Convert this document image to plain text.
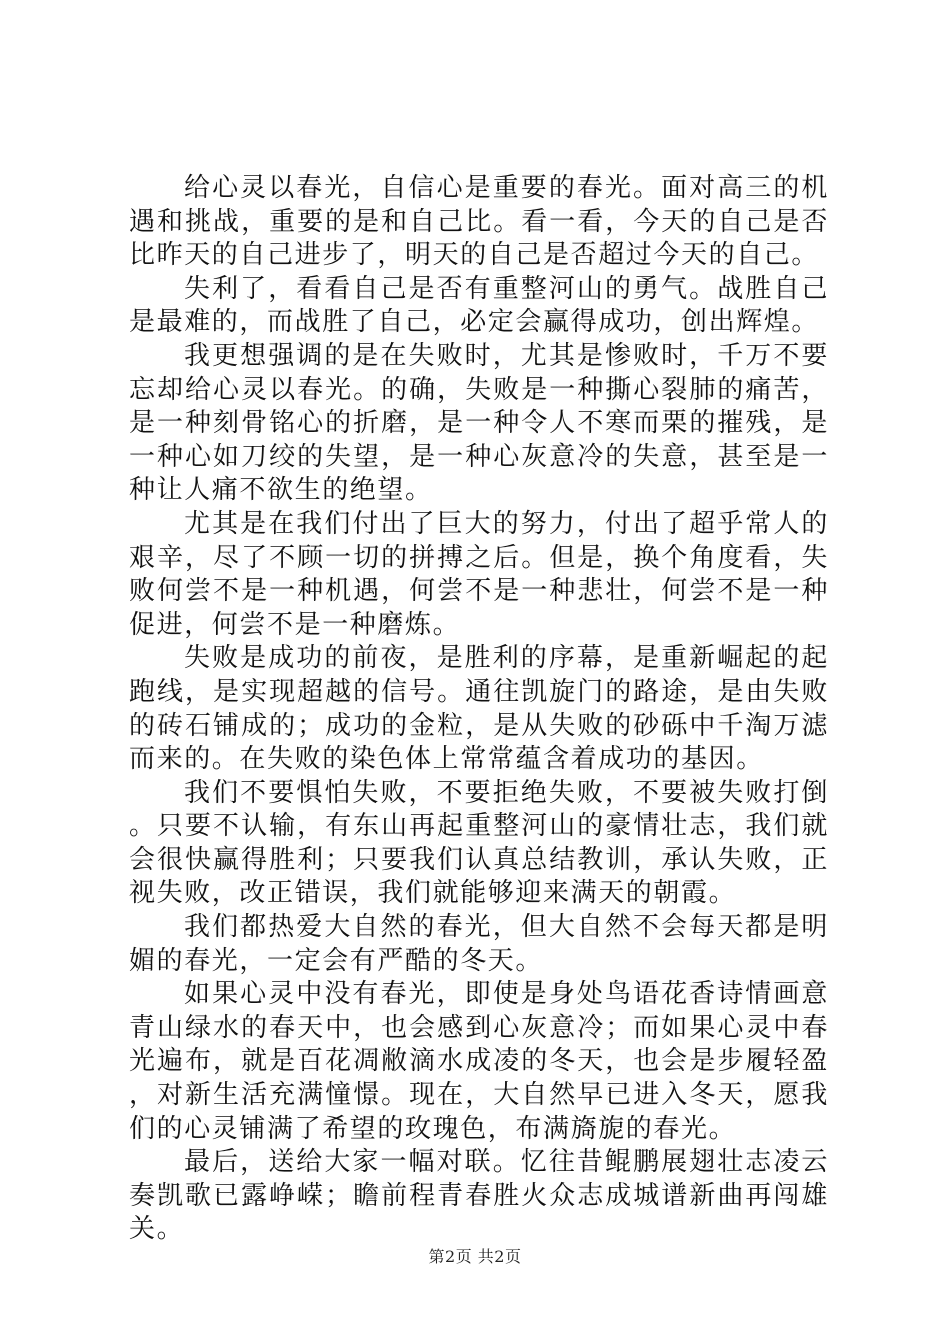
给心灵以春光，自信心是重要的春光。面对高三的机遇和挑战，重要的是和自己比。看一看，今天的自己是否比昨天的自己进步了，明天的自己是否超过今天的自己。

失利了，看看自己是否有重整河山的勇气。战胜自己是最难的，而战胜了自己，必定会赢得成功，创出辉煌。

我更想强调的是在失败时，尤其是惨败时，千万不要忘却给心灵以春光。的确，失败是一种撕心裂肺的痛苦，是一种刻骨铭心的折磨，是一种令人不寒而栗的摧残，是一种心如刀绞的失望，是一种心灰意冷的失意，甚至是一种让人痛不欲生的绝望。

尤其是在我们付出了巨大的努力，付出了超乎常人的艰辛，尽了不顾一切的拼搏之后。但是，换个角度看，失败何尝不是一种机遇，何尝不是一种悲壮，何尝不是一种促进，何尝不是一种磨炼。

失败是成功的前夜，是胜利的序幕，是重新崛起的起跑线，是实现超越的信号。通往凯旋门的路途，是由失败的砖石铺成的；成功的金粒，是从失败的砂砾中千淘万滤而来的。在失败的染色体上常常蕴含着成功的基因。

我们不要惧怕失败，不要拒绝失败，不要被失败打倒。只要不认输，有东山再起重整河山的豪情壮志，我们就会很快赢得胜利；只要我们认真总结教训，承认失败，正视失败，改正错误，我们就能够迎来满天的朝霞。

我们都热爱大自然的春光，但大自然不会每天都是明媚的春光，一定会有严酷的冬天。

如果心灵中没有春光，即使是身处鸟语花香诗情画意青山绿水的春天中，也会感到心灰意冷；而如果心灵中春光遍布，就是百花凋敝滴水成凌的冬天，也会是步履轻盈，对新生活充满憧憬。现在，大自然早已进入冬天，愿我们的心灵铺满了希望的玫瑰色，布满旖旎的春光。

最后，送给大家一幅对联。忆往昔鲲鹏展翅壮志凌云奏凯歌已露峥嵘；瞻前程青春胜火众志成城谱新曲再闯雄关。

第2页 共2页
